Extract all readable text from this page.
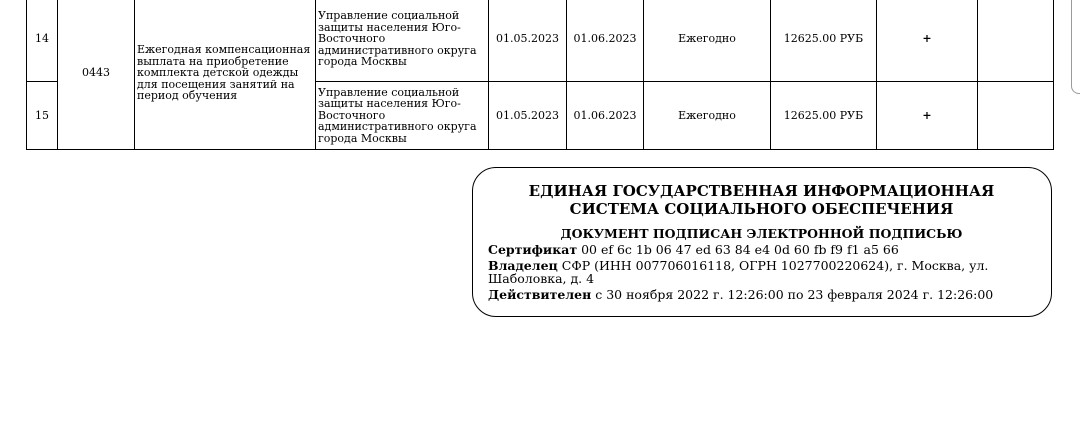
14	0443	Ежегодная компенсационная выплата на приобретение комплекта детской одежды для посещения занятий на период обучения	Управление социальной защиты населения Юго-Восточного административного округа города Москвы	01.05.2023	01.06.2023	Ежегодно	12625.00 РУБ	+	
15			Управление социальной защиты населения Юго-Восточного административного округа города Москвы	01.05.2023	01.06.2023	Ежегодно	12625.00 РУБ	+	
ЕДИНАЯ ГОСУДАРСТВЕННАЯ ИНФОРМАЦИОННАЯ
СИСТЕМА СОЦИАЛЬНОГО ОБЕСПЕЧЕНИЯ
ДОКУМЕНТ ПОДПИСАН ЭЛЕКТРОННОЙ ПОДПИСЬЮ
Сертификат 00 ef 6c 1b 06 47 ed 63 84 e4 0d 60 fb f9 f1 a5 66
Владелец СФР (ИНН 007706016118, ОГРН 1027700220624), г. Москва, ул. Шаболовка, д. 4
Действителен с 30 ноября 2022 г. 12:26:00 по 23 февраля 2024 г. 12:26:00
